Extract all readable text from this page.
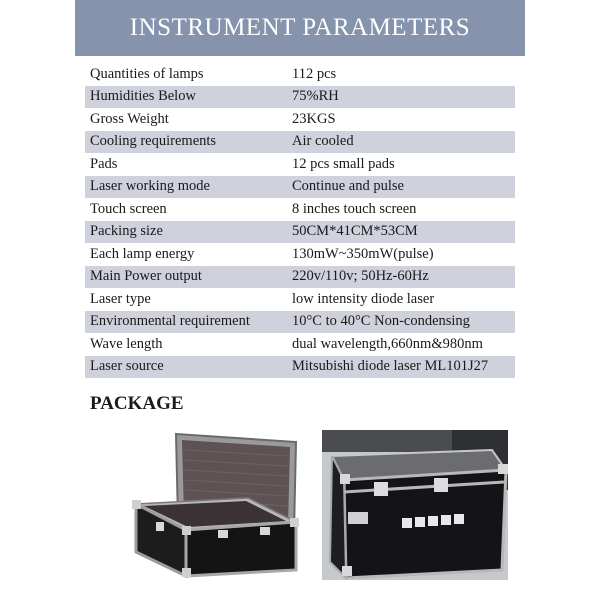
INSTRUMENT PARAMETERS
Quantities of lamps	112 pcs
Humidities Below	75%RH
Gross Weight	23KGS
Cooling requirements	Air cooled
Pads	12 pcs small pads
Laser working mode	Continue and pulse
Touch screen	8 inches touch screen
Packing size	50CM*41CM*53CM
Each lamp energy	130mW~350mW(pulse)
Main Power output	220v/110v; 50Hz-60Hz
Laser type	low intensity diode laser
Environmental requirement	10°C to 40°C Non-condensing
Wave length	dual wavelength,660nm&980nm
Laser source	Mitsubishi diode laser ML101J27
PACKAGE
